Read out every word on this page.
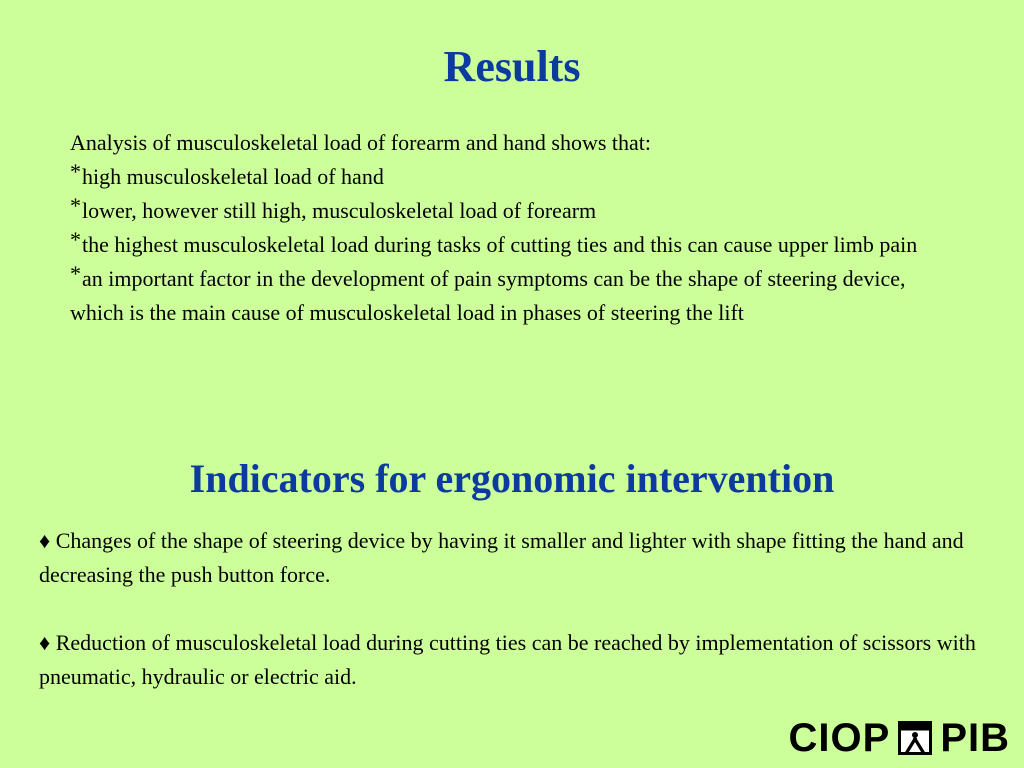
Results

Analysis of musculoskeletal load of forearm and hand shows that:

*high musculoskeletal load of hand

*lower, however still high, musculoskeletal load of forearm

*the highest musculoskeletal load during tasks of cutting ties and this can cause upper limb pain

*an important factor in the development of pain symptoms can be the shape of steering device, which is the main cause of musculoskeletal load in phases of steering the lift

Indicators for ergonomic intervention

♦ Changes of the shape of steering device by having it smaller and lighter with shape fitting the hand and decreasing the push button force.

♦ Reduction of musculoskeletal load during cutting ties can be reached by implementation of scissors with pneumatic, hydraulic or electric aid.

CIOP PIB
